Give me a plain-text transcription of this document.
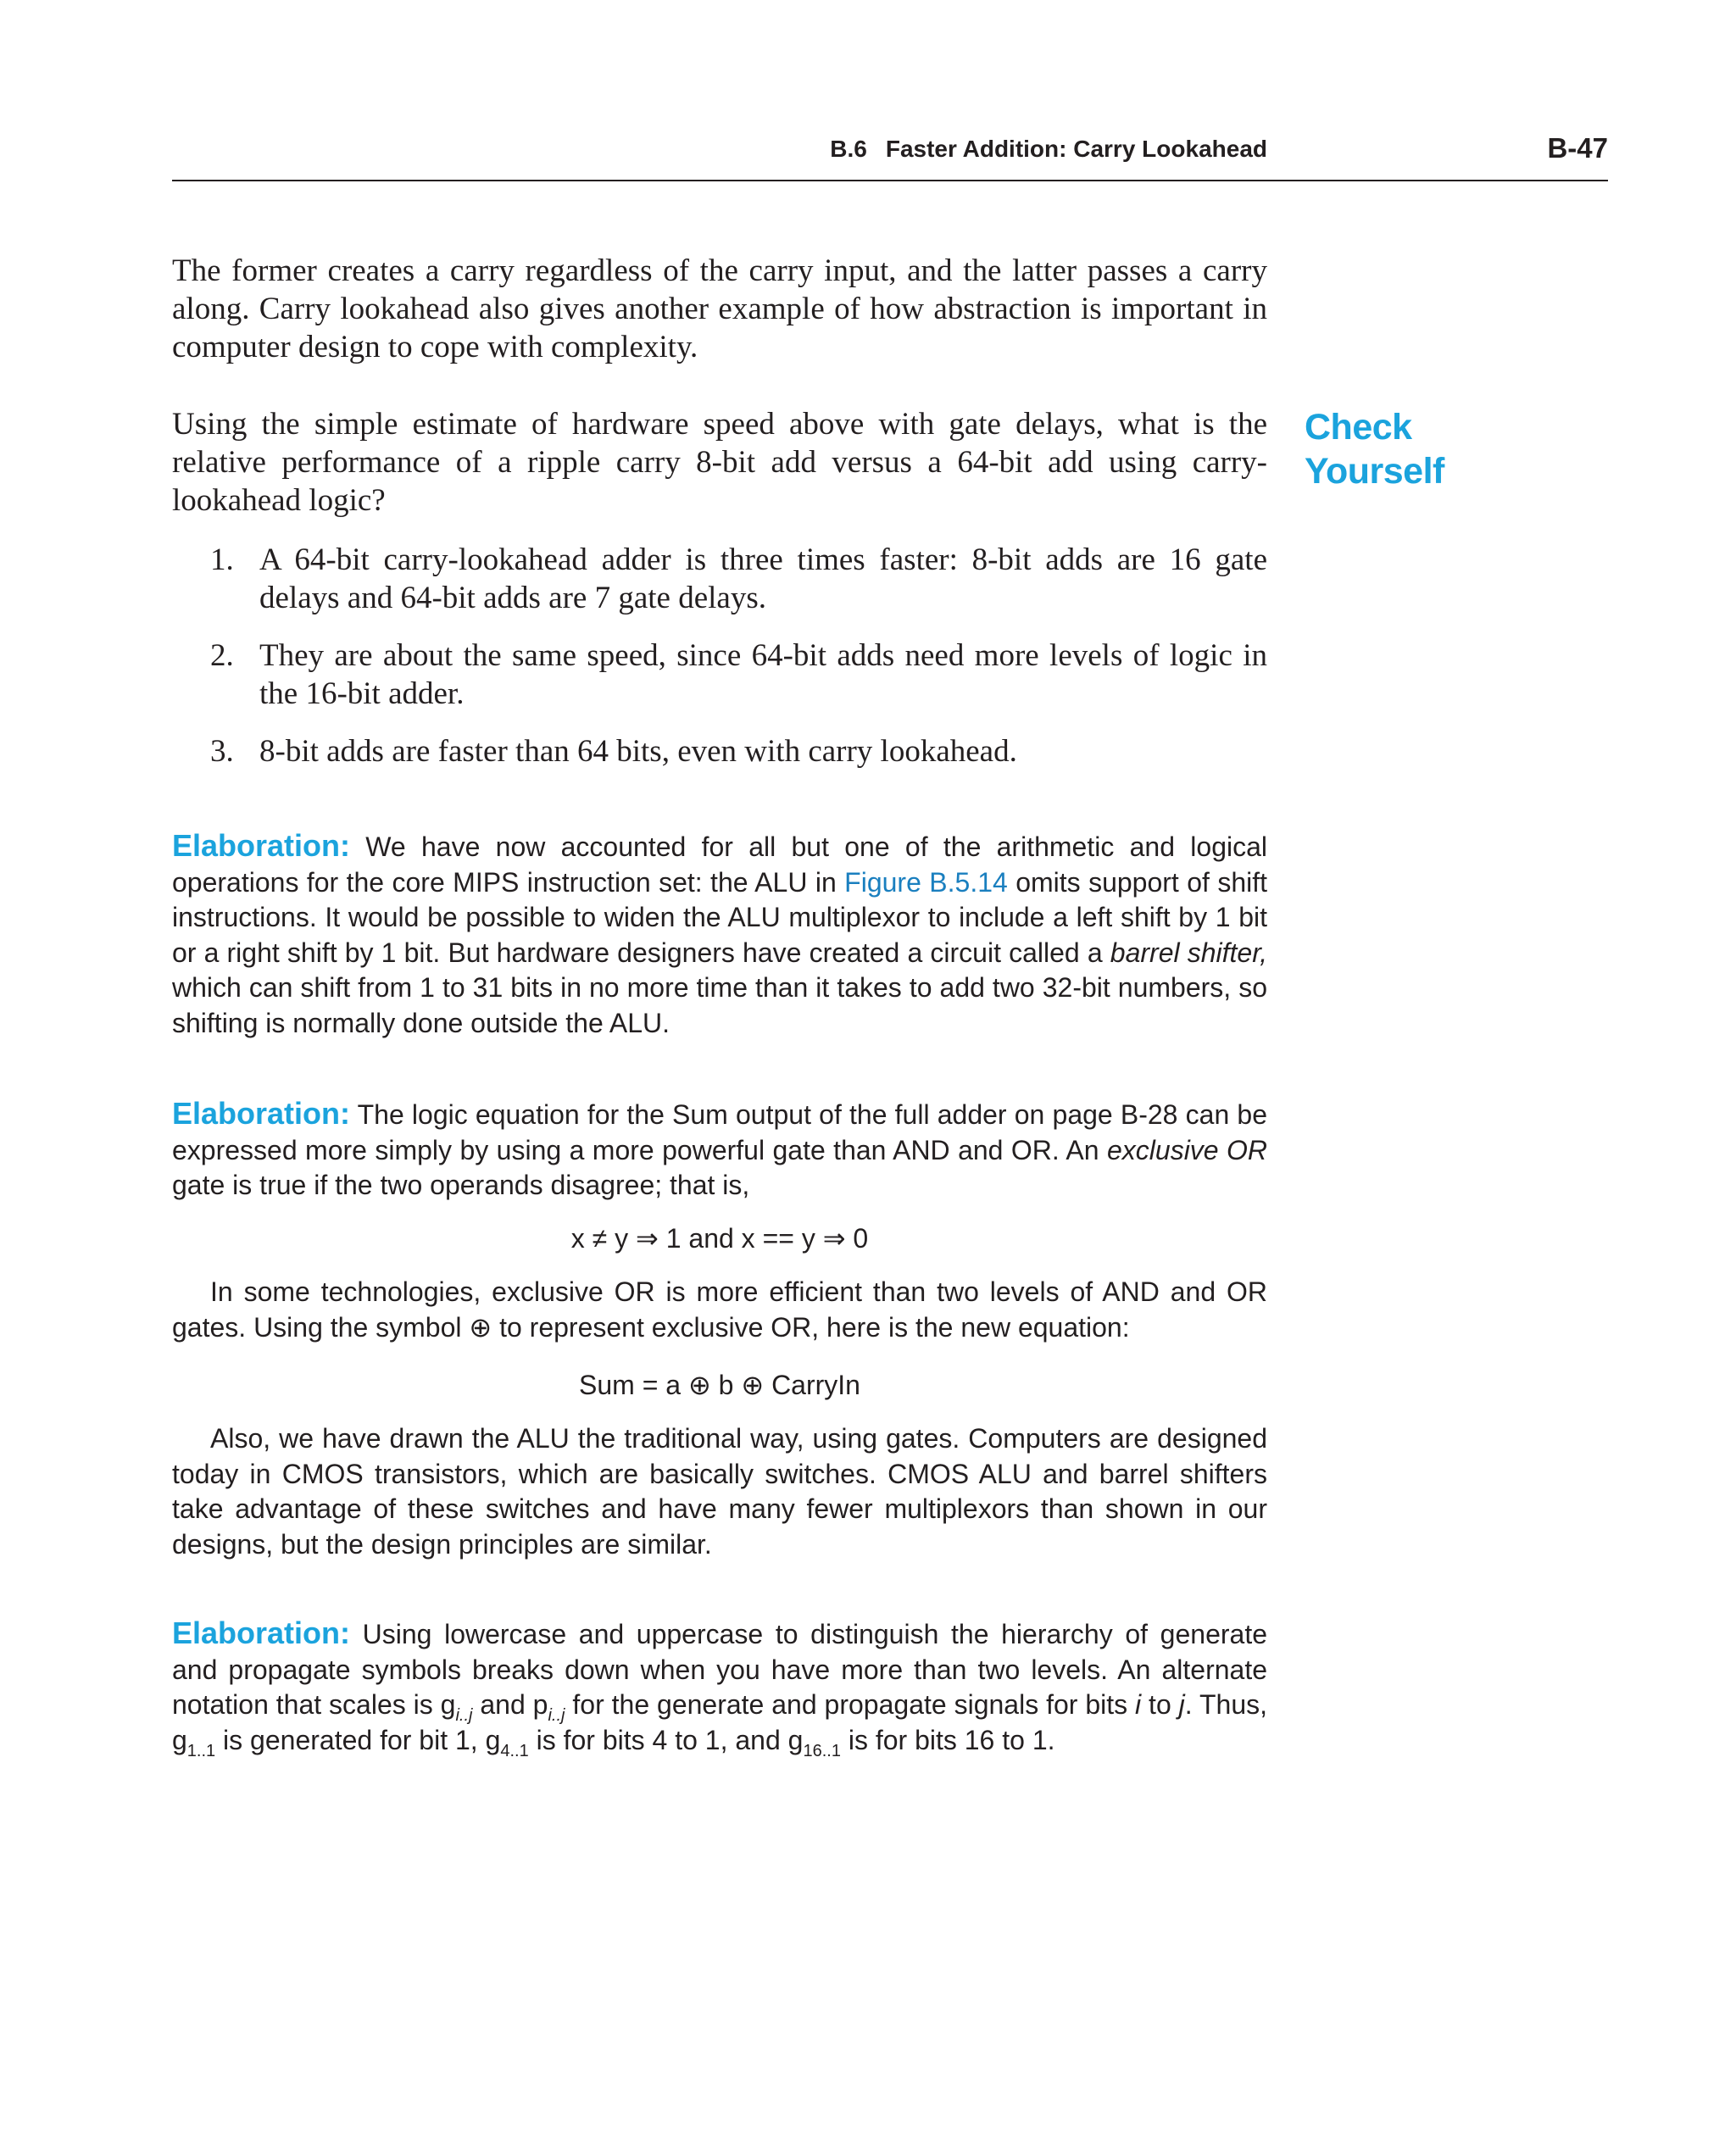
B.6 Faster Addition: Carry Lookahead	B-47

The former creates a carry regardless of the carry input, and the latter passes a carry along. Carry lookahead also gives another example of how abstraction is important in computer design to cope with complexity.

Check
Yourself

Using the simple estimate of hardware speed above with gate delays, what is the relative performance of a ripple carry 8-bit add versus a 64-bit add using carry-lookahead logic?

1. A 64-bit carry-lookahead adder is three times faster: 8-bit adds are 16 gate delays and 64-bit adds are 7 gate delays.
2. They are about the same speed, since 64-bit adds need more levels of logic in the 16-bit adder.
3. 8-bit adds are faster than 64 bits, even with carry lookahead.

Elaboration: We have now accounted for all but one of the arithmetic and logical operations for the core MIPS instruction set: the ALU in Figure B.5.14 omits support of shift instructions. It would be possible to widen the ALU multiplexor to include a left shift by 1 bit or a right shift by 1 bit. But hardware designers have created a circuit called a barrel shifter, which can shift from 1 to 31 bits in no more time than it takes to add two 32-bit numbers, so shifting is normally done outside the ALU.

Elaboration: The logic equation for the Sum output of the full adder on page B-28 can be expressed more simply by using a more powerful gate than AND and OR. An exclusive OR gate is true if the two operands disagree; that is,

x ≠ y ⇒ 1 and x == y ⇒ 0

In some technologies, exclusive OR is more efficient than two levels of AND and OR gates. Using the symbol ⊕ to represent exclusive OR, here is the new equation:

Sum = a ⊕ b ⊕ CarryIn

Also, we have drawn the ALU the traditional way, using gates. Computers are designed today in CMOS transistors, which are basically switches. CMOS ALU and barrel shifters take advantage of these switches and have many fewer multiplexors than shown in our designs, but the design principles are similar.

Elaboration: Using lowercase and uppercase to distinguish the hierarchy of generate and propagate symbols breaks down when you have more than two levels. An alternate notation that scales is $g_{i..j}$ and $p_{i..j}$ for the generate and propagate signals for bits i to j. Thus, $g_{1..1}$ is generated for bit 1, $g_{4..1}$ is for bits 4 to 1, and $g_{16..1}$ is for bits 16 to 1.
